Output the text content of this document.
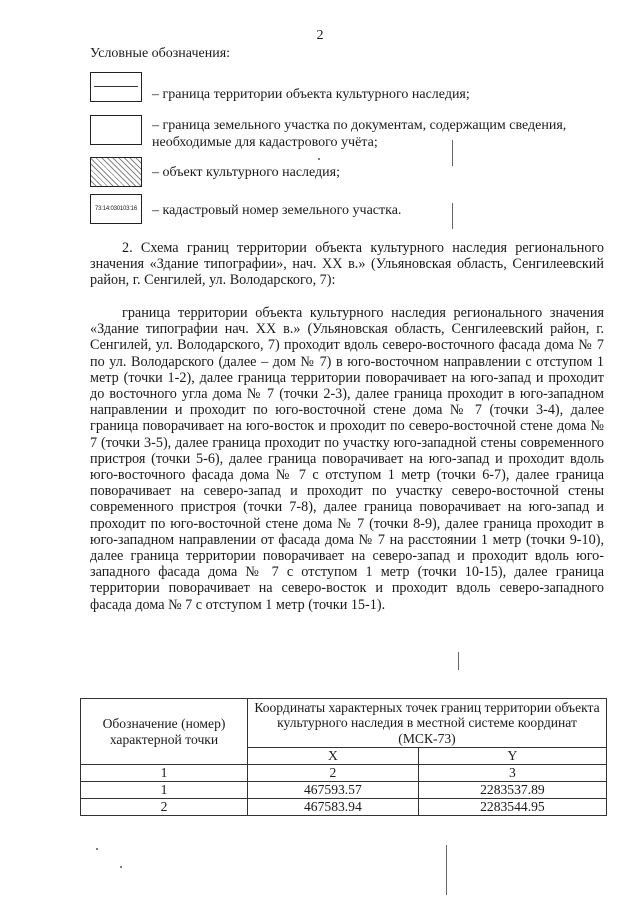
2
Условные обозначения:
– граница территории объекта культурного наследия;
– граница земельного участка по документам, содержащим сведения, необходимые для кадастрового учёта;
– объект культурного наследия;
73:14:030103:16 – кадастровый номер земельного участка.
2. Схема границ территории объекта культурного наследия регионального значения «Здание типографии», нач. XX в.» (Ульяновская область, Сенгилеевский район, г. Сенгилей, ул. Володарского, 7):
граница территории объекта культурного наследия регионального значения «Здание типографии нач. XX в.» (Ульяновская область, Сенгилеевский район, г. Сенгилей, ул. Володарского, 7) проходит вдоль северо-восточного фасада дома № 7 по ул. Володарского (далее – дом № 7) в юго-восточном направлении с отступом 1 метр (точки 1-2), далее граница территории поворачивает на юго-запад и проходит до восточного угла дома № 7 (точки 2-3), далее граница проходит в юго-западном направлении и проходит по юго-восточной стене дома № 7 (точки 3-4), далее граница поворачивает на юго-восток и проходит по северо-восточной стене дома № 7 (точки 3-5), далее граница проходит по участку юго-западной стены современного пристроя (точки 5-6), далее граница поворачивает на юго-запад и проходит вдоль юго-восточного фасада дома № 7 с отступом 1 метр (точки 6-7), далее граница поворачивает на северо-запад и проходит по участку северо-восточной стены современного пристроя (точки 7-8), далее граница поворачивает на юго-запад и проходит по юго-восточной стене дома № 7 (точки 8-9), далее граница проходит в юго-западном направлении от фасада дома № 7 на расстоянии 1 метр (точки 9-10), далее граница территории поворачивает на северо-запад и проходит вдоль юго-западного фасада дома № 7 с отступом 1 метр (точки 10-15), далее граница территории поворачивает на северо-восток и проходит вдоль северо-западного фасада дома № 7 с отступом 1 метр (точки 15-1).
Обозначение (номер) характерной точки	Координаты характерных точек границ территории объекта культурного наследия в местной системе координат (МСК-73)	
	X	Y
1	2	3
1	467593.57	2283537.89
2	467583.94	2283544.95
